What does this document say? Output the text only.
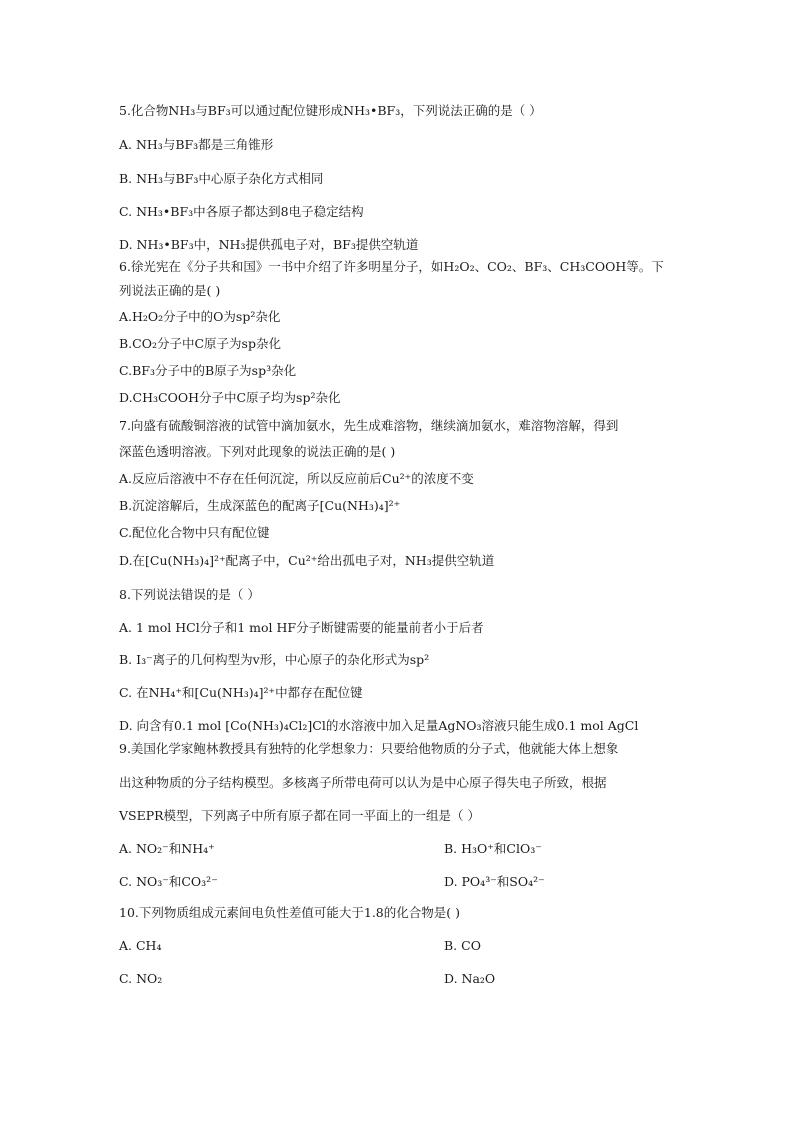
5.化合物NH₃与BF₃可以通过配位键形成NH₃•BF₃，下列说法正确的是（ ）
A. NH₃与BF₃都是三角锥形
B. NH₃与BF₃中心原子杂化方式相同
C. NH₃•BF₃中各原子都达到8电子稳定结构
D. NH₃•BF₃中，NH₃提供孤电子对，BF₃提供空轨道
6.徐光宪在《分子共和国》一书中介绍了许多明星分子，如H₂O₂、CO₂、BF₃、CH₃COOH等。下
列说法正确的是( )
A.H₂O₂分子中的O为sp²杂化
B.CO₂分子中C原子为sp杂化
C.BF₃分子中的B原子为sp³杂化
D.CH₃COOH分子中C原子均为sp²杂化
7.向盛有硫酸铜溶液的试管中滴加氨水，先生成难溶物，继续滴加氨水，难溶物溶解，得到
深蓝色透明溶液。下列对此现象的说法正确的是( )
A.反应后溶液中不存在任何沉淀，所以反应前后Cu²⁺的浓度不变
B.沉淀溶解后，生成深蓝色的配离子[Cu(NH₃)₄]²⁺
C.配位化合物中只有配位键
D.在[Cu(NH₃)₄]²⁺配离子中，Cu²⁺给出孤电子对，NH₃提供空轨道
8.下列说法错误的是（ ）
A. 1 mol HCl分子和1 mol HF分子断键需要的能量前者小于后者
B. I₃⁻离子的几何构型为v形，中心原子的杂化形式为sp²
C. 在NH₄⁺和[Cu(NH₃)₄]²⁺中都存在配位键
D. 向含有0.1 mol [Co(NH₃)₄Cl₂]Cl的水溶液中加入足量AgNO₃溶液只能生成0.1 mol AgCl
9.美国化学家鲍林教授具有独特的化学想象力：只要给他物质的分子式，他就能大体上想象
出这种物质的分子结构模型。多核离子所带电荷可以认为是中心原子得失电子所致，根据
VSEPR模型，下列离子中所有原子都在同一平面上的一组是（ ）
A. NO₂⁻和NH₄⁺	B. H₃O⁺和ClO₃⁻
C. NO₃⁻和CO₃²⁻	D. PO₄³⁻和SO₄²⁻
10.下列物质组成元素间电负性差值可能大于1.8的化合物是( )
A. CH₄	B. CO
C. NO₂	D. Na₂O
